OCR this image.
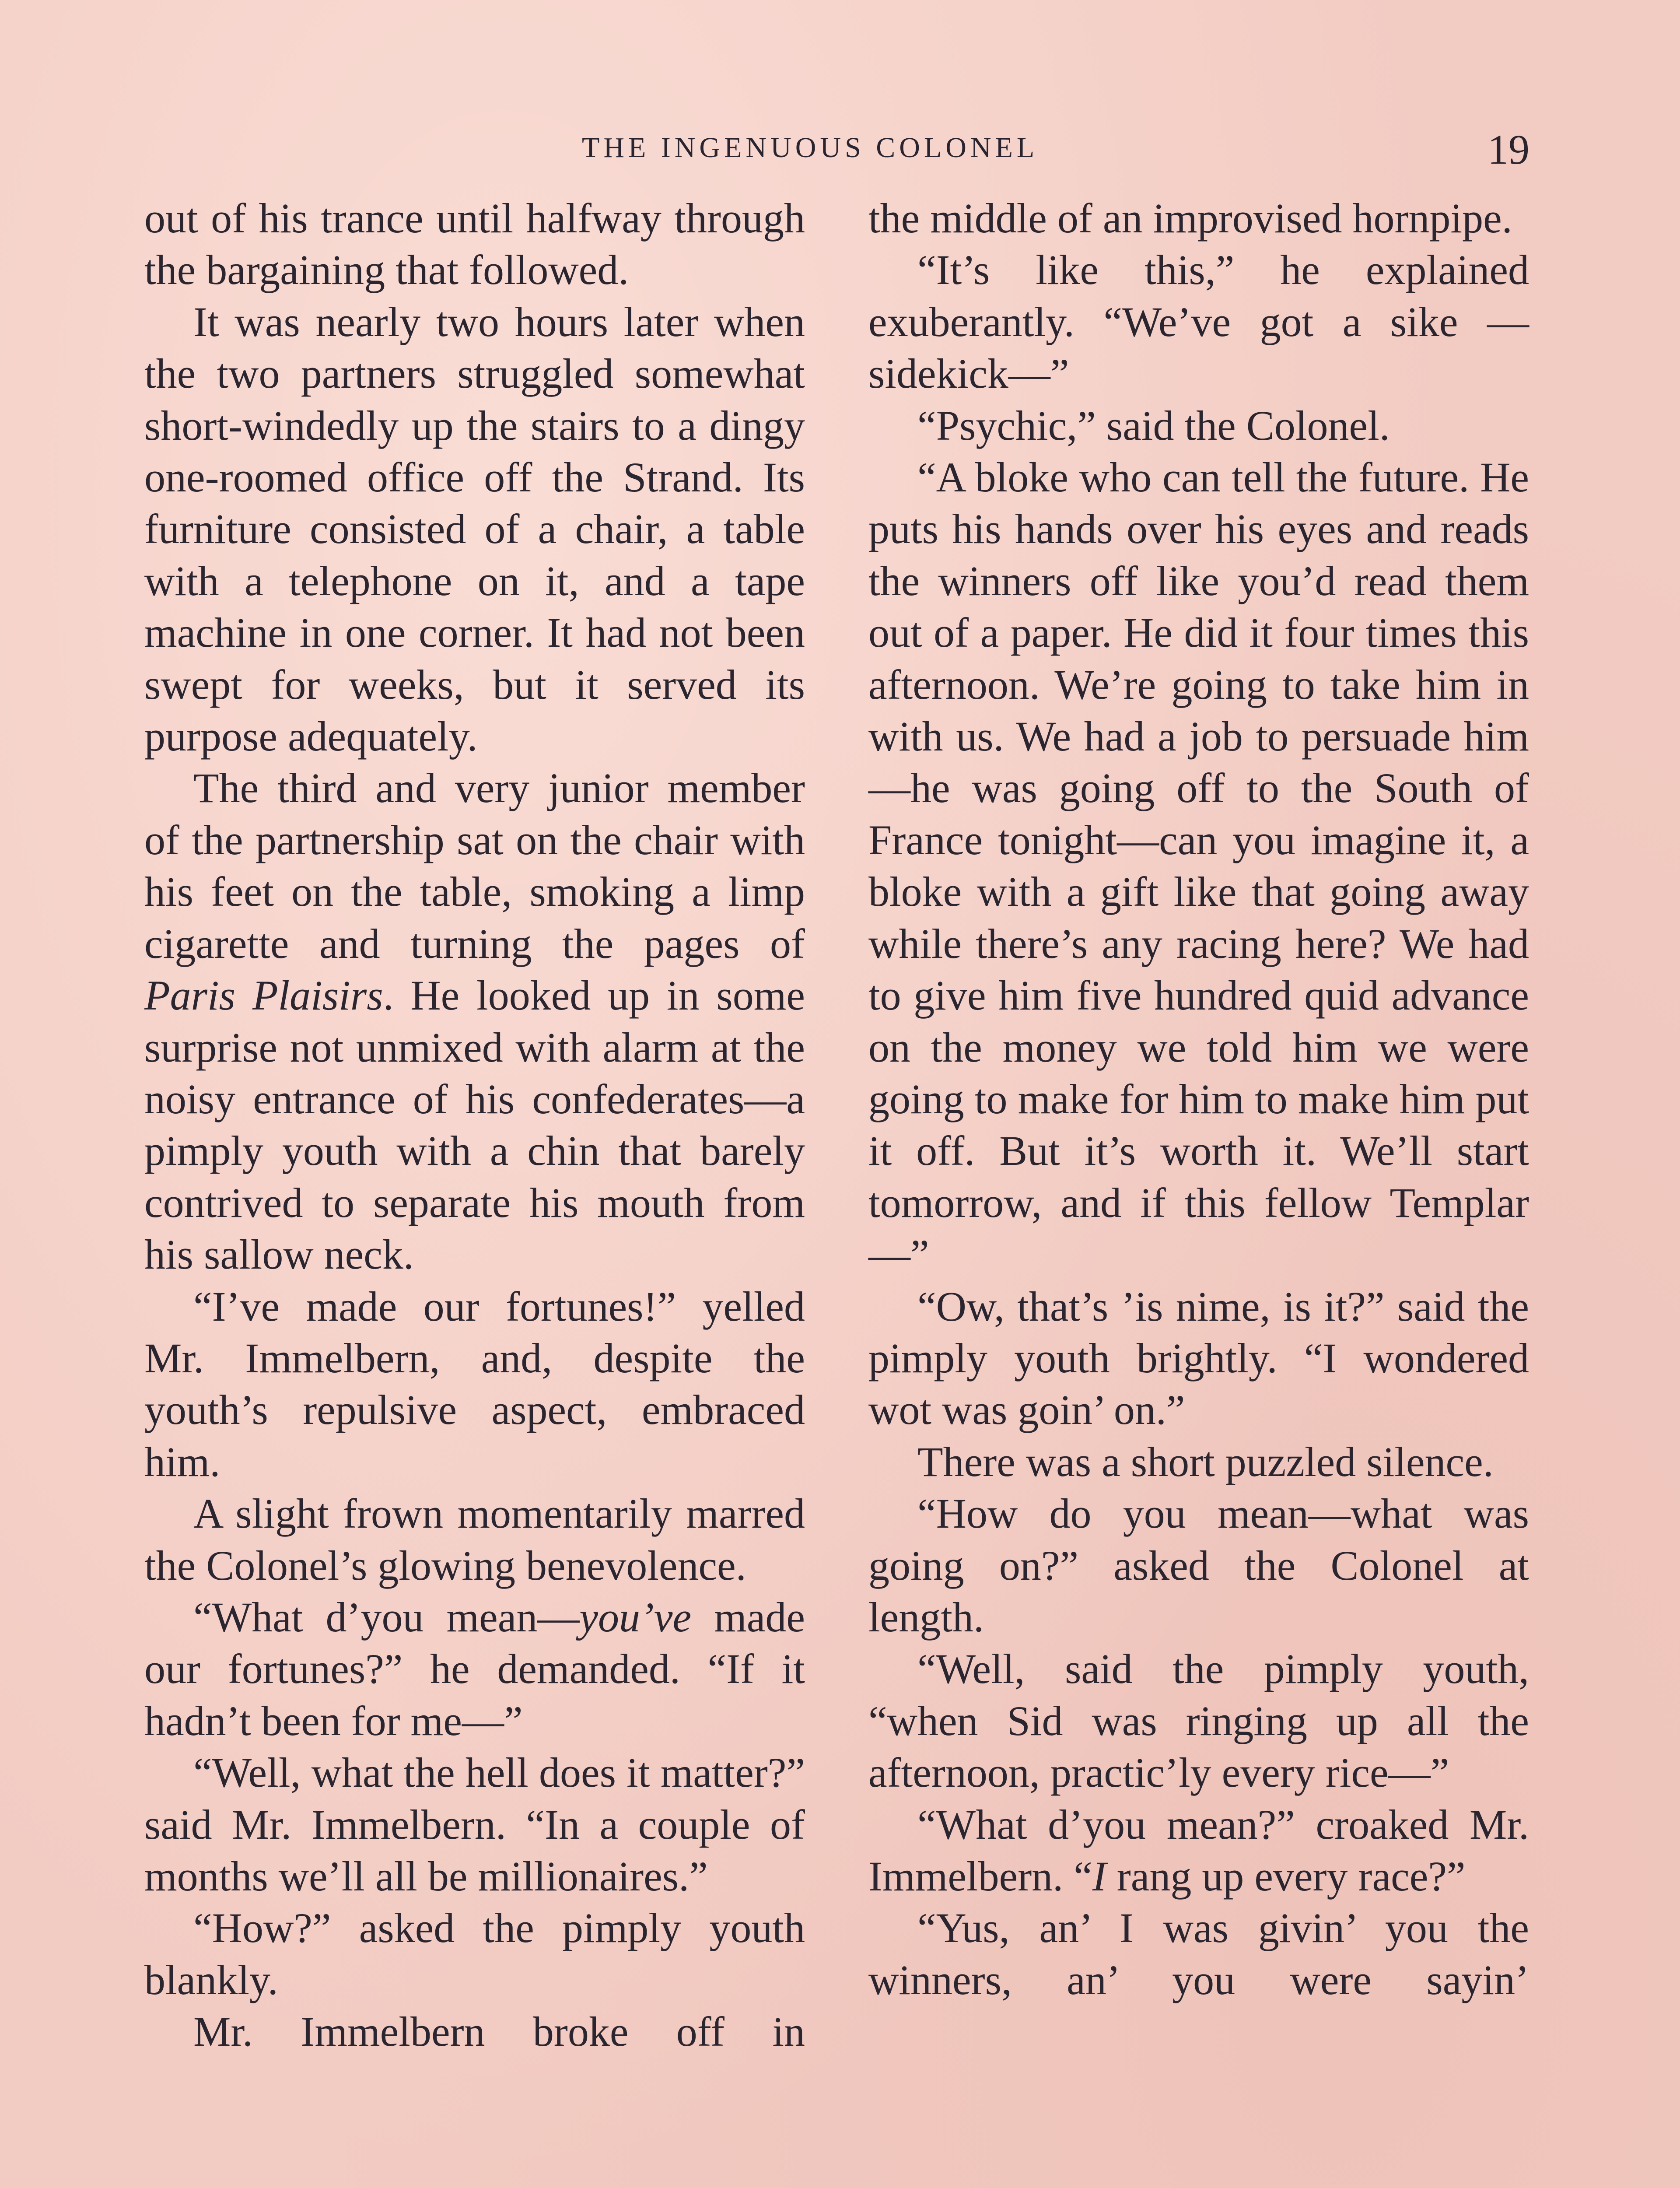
THE INGENUOUS COLONEL	19

out of his trance until halfway through the bargaining that followed.

It was nearly two hours later when the two partners struggled somewhat short-windedly up the stairs to a dingy one-roomed office off the Strand. Its furniture consisted of a chair, a table with a telephone on it, and a tape machine in one corner. It had not been swept for weeks, but it served its purpose adequately.

The third and very junior member of the partnership sat on the chair with his feet on the table, smoking a limp cigarette and turning the pages of Paris Plaisirs. He looked up in some surprise not unmixed with alarm at the noisy entrance of his confederates—a pimply youth with a chin that barely contrived to separate his mouth from his sallow neck.

“I’ve made our fortunes!” yelled Mr. Immelbern, and, despite the youth’s repulsive aspect, embraced him.

A slight frown momentarily marred the Colonel’s glowing benevolence.

“What d’you mean—you’ve made our fortunes?” he demanded. “If it hadn’t been for me—”

“Well, what the hell does it matter?” said Mr. Immelbern. “In a couple of months we’ll all be millionaires.”

“How?” asked the pimply youth blankly.

Mr. Immelbern broke off in

the middle of an improvised hornpipe.

“It’s like this,” he explained exuberantly. “We’ve got a sike —sidekick—”

“Psychic,” said the Colonel.

“A bloke who can tell the future. He puts his hands over his eyes and reads the winners off like you’d read them out of a paper. He did it four times this afternoon. We’re going to take him in with us. We had a job to persuade him—he was going off to the South of France tonight—can you imagine it, a bloke with a gift like that going away while there’s any racing here? We had to give him five hundred quid advance on the money we told him we were going to make for him to make him put it off. But it’s worth it. We’ll start tomorrow, and if this fellow Templar—”

“Ow, that’s ’is nime, is it?” said the pimply youth brightly. “I wondered wot was goin’ on.”

There was a short puzzled silence.

“How do you mean—what was going on?” asked the Colonel at length.

“Well, said the pimply youth, “when Sid was ringing up all the afternoon, practic’ly every rice—”

“What d’you mean?” croaked Mr. Immelbern. “I rang up every race?”

“Yus, an’ I was givin’ you the winners, an’ you were sayin’
